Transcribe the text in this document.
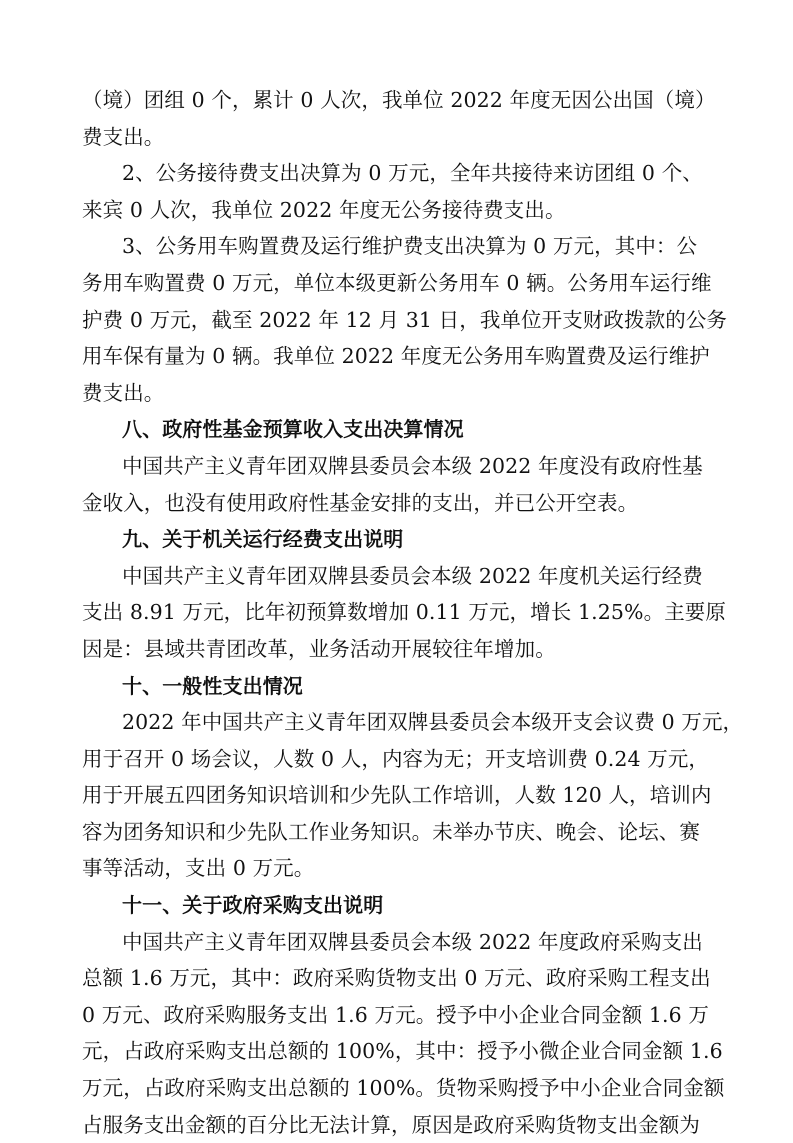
（境）团组 0 个，累计 0 人次，我单位 2022 年度无因公出国（境）
费支出。
2、公务接待费支出决算为 0 万元，全年共接待来访团组 0 个、
来宾 0 人次，我单位 2022 年度无公务接待费支出。
3、公务用车购置费及运行维护费支出决算为 0 万元，其中：公
务用车购置费 0 万元，单位本级更新公务用车 0 辆。公务用车运行维
护费 0 万元，截至 2022 年 12 月 31 日，我单位开支财政拨款的公务
用车保有量为 0 辆。我单位 2022 年度无公务用车购置费及运行维护
费支出。
八、政府性基金预算收入支出决算情况
中国共产主义青年团双牌县委员会本级 2022 年度没有政府性基
金收入，也没有使用政府性基金安排的支出，并已公开空表。
九、关于机关运行经费支出说明
中国共产主义青年团双牌县委员会本级 2022 年度机关运行经费
支出 8.91 万元，比年初预算数增加 0.11 万元，增长 1.25%。主要原
因是：县域共青团改革，业务活动开展较往年增加。
十、一般性支出情况
2022 年中国共产主义青年团双牌县委员会本级开支会议费 0 万元，
用于召开 0 场会议，人数 0 人，内容为无；开支培训费 0.24 万元，
用于开展五四团务知识培训和少先队工作培训，人数 120 人，培训内
容为团务知识和少先队工作业务知识。未举办节庆、晚会、论坛、赛
事等活动，支出 0 万元。
十一、关于政府采购支出说明
中国共产主义青年团双牌县委员会本级 2022 年度政府采购支出
总额 1.6 万元，其中：政府采购货物支出 0 万元、政府采购工程支出
0 万元、政府采购服务支出 1.6 万元。授予中小企业合同金额 1.6 万
元，占政府采购支出总额的 100%，其中：授予小微企业合同金额 1.6
万元，占政府采购支出总额的 100%。货物采购授予中小企业合同金额
占服务支出金额的百分比无法计算，原因是政府采购货物支出金额为
